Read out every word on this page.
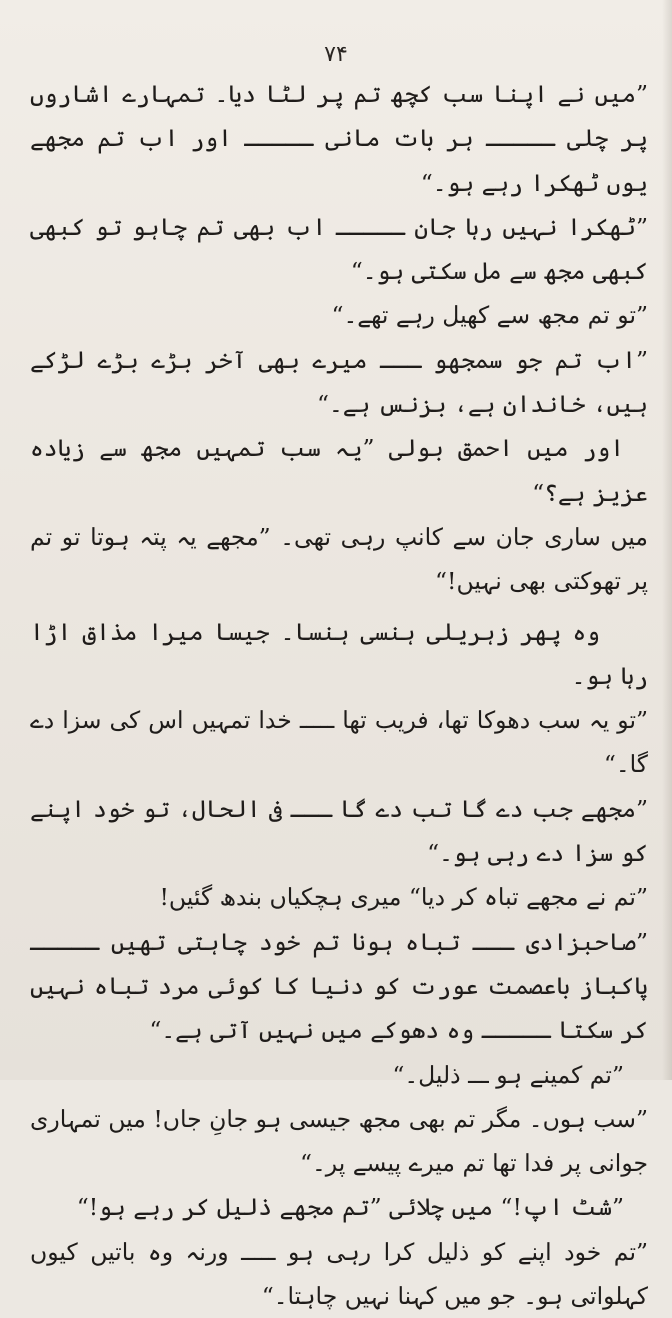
۷۴

”میں نے اپنا سب کچھ تم پر لٹا دیا۔ تمہارے اشاروں پر چلی ـــــ ہر بات مانی ـــــ اور اب تم مجھے یوں ٹھکرا رہے ہو۔“

”ٹھکرا نہیں رہا جان ـــــ اب بھی تم چاہو تو کبھی کبھی مجھ سے مل سکتی ہو۔“

”تو تم مجھ سے کھیل رہے تھے۔“

”اب تم جو سمجھو ـــ میرے بھی آخر بڑے بڑے لڑکے ہیں، خاندان ہے، بزنس ہے۔“

اور میں احمق بولی ”یہ سب تمہیں مجھ سے زیادہ عزیز ہے؟“

میں ساری جان سے کانپ رہی تھی۔ ”مجھے یہ پتہ ہوتا تو تم پر تھوکتی بھی نہیں!“

وہ پھر زہریلی ہنسی ہنسا۔ جیسا میرا مذاق اڑا رہا ہو۔

”تو یہ سب دھوکا تھا، فریب تھا ـــــ خدا تمہیں اس کی سزا دے گا۔“

”مجھے جب دے گا تب دے گا ـــ فی الحال، تو خود اپنے کو سزا دے رہی ہو۔“

”تم نے مجھے تباہ کر دیا“ میری ہچکیاں بندھ گئیں!

”صاحبزادی ـــ تباہ ہونا تم خود چاہتی تھیں ـــــ پاکباز باعصمت عورت کو دنیا کا کوئی مرد تباہ نہیں کر سکتا ـــــ وہ دھوکے میں نہیں آتی ہے۔“

”تم کمینے ہو ـــ ذلیل۔“

”سب ہوں۔ مگر تم بھی مجھ جیسی ہو جانِ جاں! میں تمہاری جوانی پر فدا تھا تم میرے پیسے پر۔“

”شٹ اپ!“ میں چلائی ”تم مجھے ذلیل کر رہے ہو!“

”تم خود اپنے کو ذلیل کرا رہی ہو ـــــ ورنہ وہ باتیں کیوں کہلواتی ہو۔ جو میں کہنا نہیں چاہتا۔“
